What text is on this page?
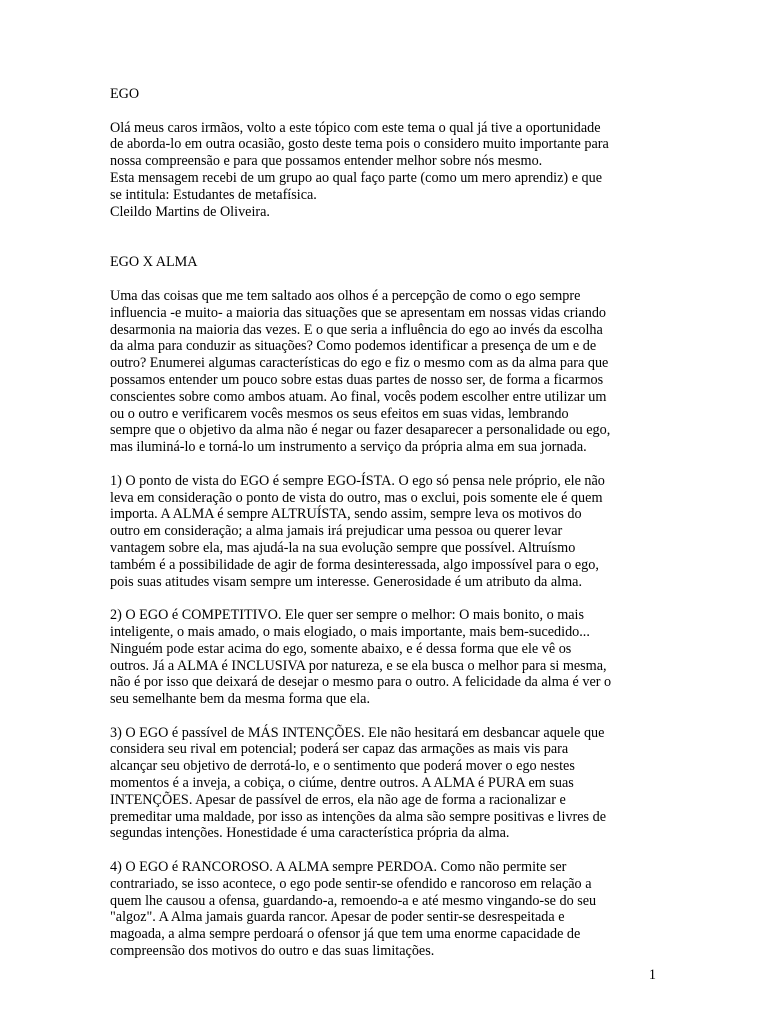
EGO
Olá meus caros irmãos, volto a este tópico com este tema o qual já tive a oportunidade
de aborda-lo em outra ocasião, gosto deste tema pois o considero muito importante para
nossa compreensão e para que possamos entender melhor sobre nós mesmo.
Esta mensagem recebi de um grupo ao qual faço parte (como um mero aprendiz) e que
se intitula: Estudantes de metafísica.
Cleildo Martins de Oliveira.
EGO X ALMA
Uma das coisas que me tem saltado aos olhos é a percepção de como o ego sempre
influencia -e muito- a maioria das situações que se apresentam em nossas vidas criando
desarmonia na maioria das vezes. E o que seria a influência do ego ao invés da escolha
da alma para conduzir as situações? Como podemos identificar a presença de um e de
outro? Enumerei algumas características do ego e fiz o mesmo com as da alma para que
possamos entender um pouco sobre estas duas partes de nosso ser, de forma a ficarmos
conscientes sobre como ambos atuam. Ao final, vocês podem escolher entre utilizar um
ou o outro e verificarem vocês mesmos os seus efeitos em suas vidas, lembrando
sempre que o objetivo da alma não é negar ou fazer desaparecer a personalidade ou ego,
mas iluminá-lo e torná-lo um instrumento a serviço da própria alma em sua jornada.
1) O ponto de vista do EGO é sempre EGO-ÍSTA. O ego só pensa nele próprio, ele não
leva em consideração o ponto de vista do outro, mas o exclui, pois somente ele é quem
importa. A ALMA é sempre ALTRUÍSTA, sendo assim, sempre leva os motivos do
outro em consideração; a alma jamais irá prejudicar uma pessoa ou querer levar
vantagem sobre ela, mas ajudá-la na sua evolução sempre que possível. Altruísmo
também é a possibilidade de agir de forma desinteressada, algo impossível para o ego,
pois suas atitudes visam sempre um interesse. Generosidade é um atributo da alma.
2) O EGO é COMPETITIVO. Ele quer ser sempre o melhor: O mais bonito, o mais
inteligente, o mais amado, o mais elogiado, o mais importante, mais bem-sucedido...
Ninguém pode estar acima do ego, somente abaixo, e é dessa forma que ele vê os
outros. Já a ALMA é INCLUSIVA por natureza, e se ela busca o melhor para si mesma,
não é por isso que deixará de desejar o mesmo para o outro. A felicidade da alma é ver o
seu semelhante bem da mesma forma que ela.
3) O EGO é passível de MÁS INTENÇÕES. Ele não hesitará em desbancar aquele que
considera seu rival em potencial; poderá ser capaz das armações as mais vis para
alcançar seu objetivo de derrotá-lo, e o sentimento que poderá mover o ego nestes
momentos é a inveja, a cobiça, o ciúme, dentre outros. A ALMA é PURA em suas
INTENÇÕES. Apesar de passível de erros, ela não age de forma a racionalizar e
premeditar uma maldade, por isso as intenções da alma são sempre positivas e livres de
segundas intenções. Honestidade é uma característica própria da alma.
4) O EGO é RANCOROSO. A ALMA sempre PERDOA. Como não permite ser
contrariado, se isso acontece, o ego pode sentir-se ofendido e rancoroso em relação a
quem lhe causou a ofensa, guardando-a, remoendo-a e até mesmo vingando-se do seu
"algoz". A Alma jamais guarda rancor. Apesar de poder sentir-se desrespeitada e
magoada, a alma sempre perdoará o ofensor já que tem uma enorme capacidade de
compreensão dos motivos do outro e das suas limitações.
1
